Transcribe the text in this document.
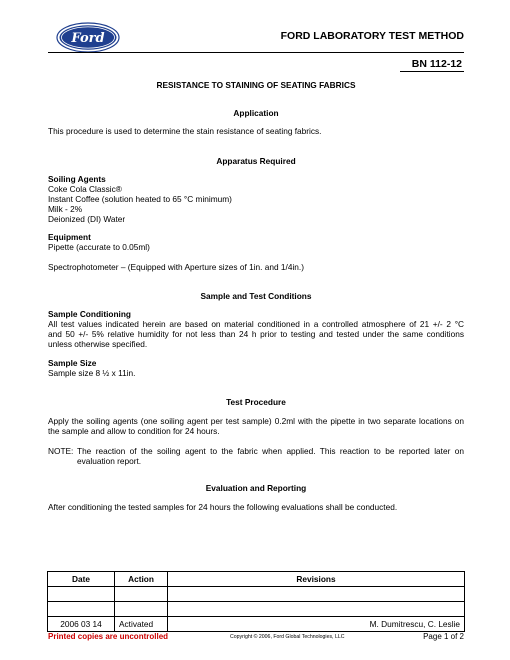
Ford	FORD LABORATORY TEST METHOD
BN 112-12
RESISTANCE TO STAINING OF SEATING FABRICS
Application
This procedure is used to determine the stain resistance of seating fabrics.
Apparatus Required
Soiling Agents
Coke Cola Classic®
Instant Coffee (solution heated to 65 °C minimum)
Milk - 2%
Deionized (DI) Water
Equipment
Pipette (accurate to 0.05ml)
Spectrophotometer – (Equipped with Aperture sizes of 1in. and 1/4in.)
Sample and Test Conditions
Sample Conditioning
All test values indicated herein are based on material conditioned in a controlled atmosphere of 21 +/- 2 °C
and 50 +/- 5% relative humidity for not less than 24 h prior to testing and tested under the same conditions
unless otherwise specified.
Sample Size
Sample size 8 ½ x 11in.
Test Procedure
Apply the soiling agents (one soiling agent per test sample) 0.2ml with the pipette in two separate locations on
the sample and allow to condition for 24 hours.
NOTE: The reaction of the soiling agent to the fabric when applied. This reaction to be reported later on
evaluation report.
Evaluation and Reporting
After conditioning the tested samples for 24 hours the following evaluations shall be conducted.
Date	Action	Revisions

2006 03 14	Activated	M. Dumitrescu, C. Leslie
Printed copies are uncontrolled	Copyright © 2006, Ford Global Technologies, LLC	Page 1 of 2
